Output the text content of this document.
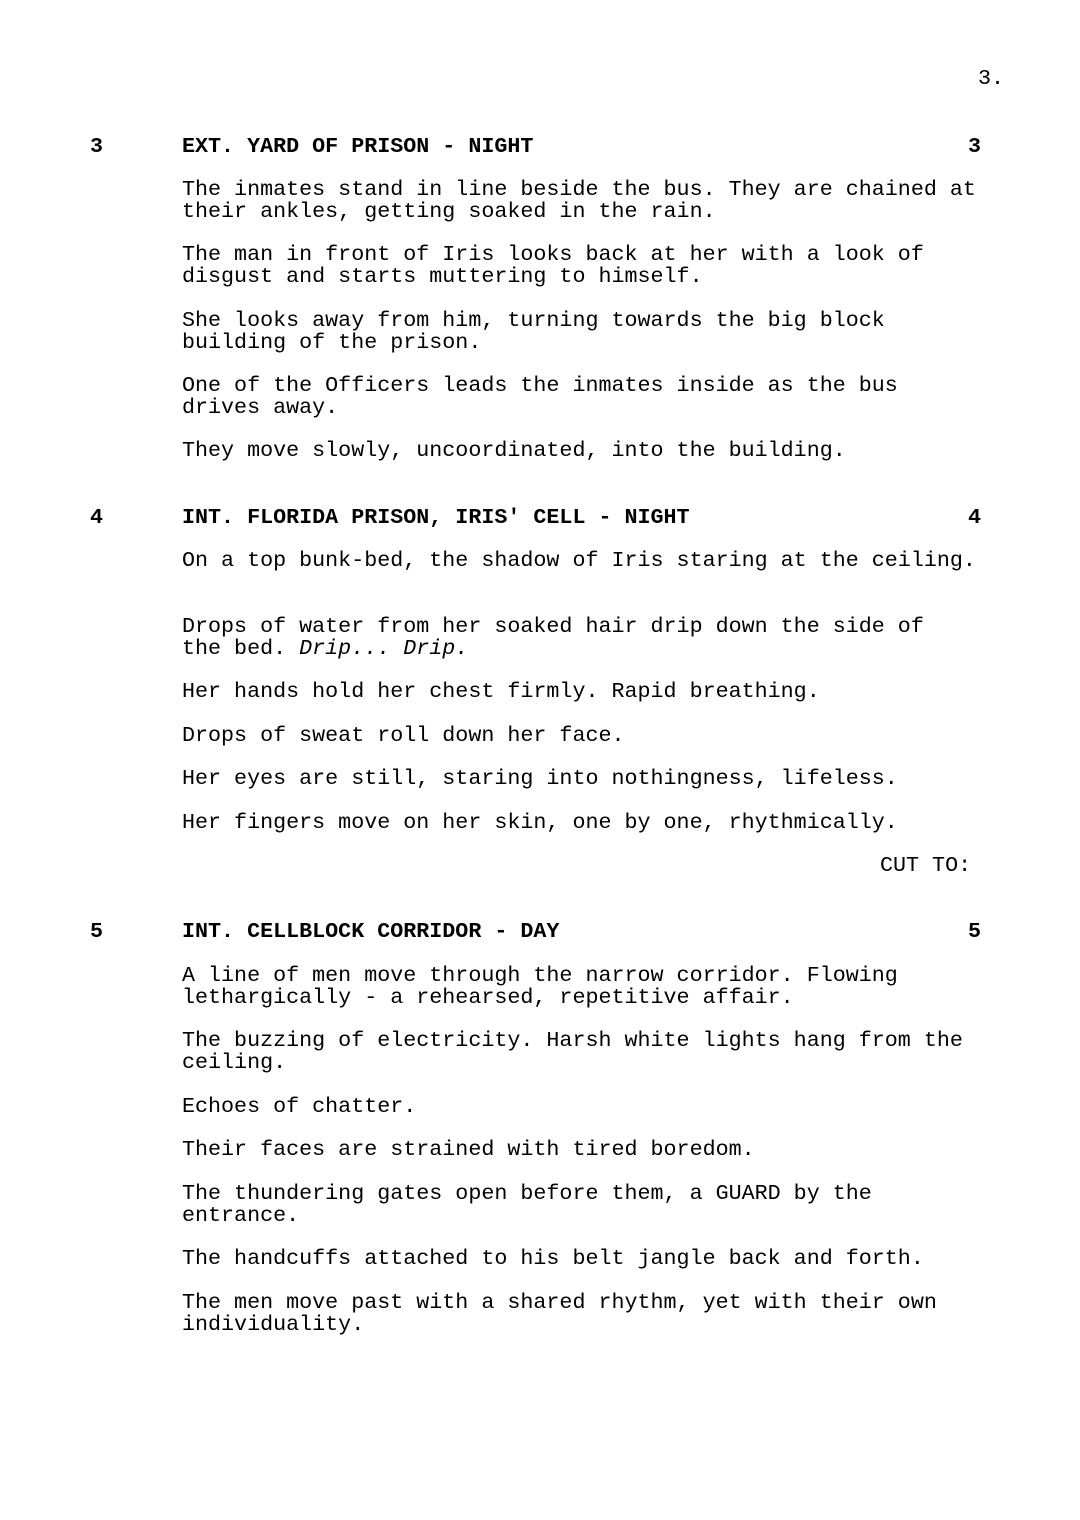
3.
3	EXT. YARD OF PRISON - NIGHT	3

The inmates stand in line beside the bus. They are chained at their ankles, getting soaked in the rain.

The man in front of Iris looks back at her with a look of disgust and starts muttering to himself.

She looks away from him, turning towards the big block building of the prison.

One of the Officers leads the inmates inside as the bus drives away.

They move slowly, uncoordinated, into the building.

4	INT. FLORIDA PRISON, IRIS' CELL - NIGHT	4

On a top bunk-bed, the shadow of Iris staring at the ceiling.

Drops of water from her soaked hair drip down the side of
the bed. Drip... Drip.

Her hands hold her chest firmly. Rapid breathing.

Drops of sweat roll down her face.

Her eyes are still, staring into nothingness, lifeless.

Her fingers move on her skin, one by one, rhythmically.

CUT TO:
5	INT. CELLBLOCK CORRIDOR - DAY	5

A line of men move through the narrow corridor. Flowing lethargically - a rehearsed, repetitive affair.

The buzzing of electricity. Harsh white lights hang from the ceiling.

Echoes of chatter.

Their faces are strained with tired boredom.

The thundering gates open before them, a GUARD by the entrance.

The handcuffs attached to his belt jangle back and forth.

The men move past with a shared rhythm, yet with their own individuality.
